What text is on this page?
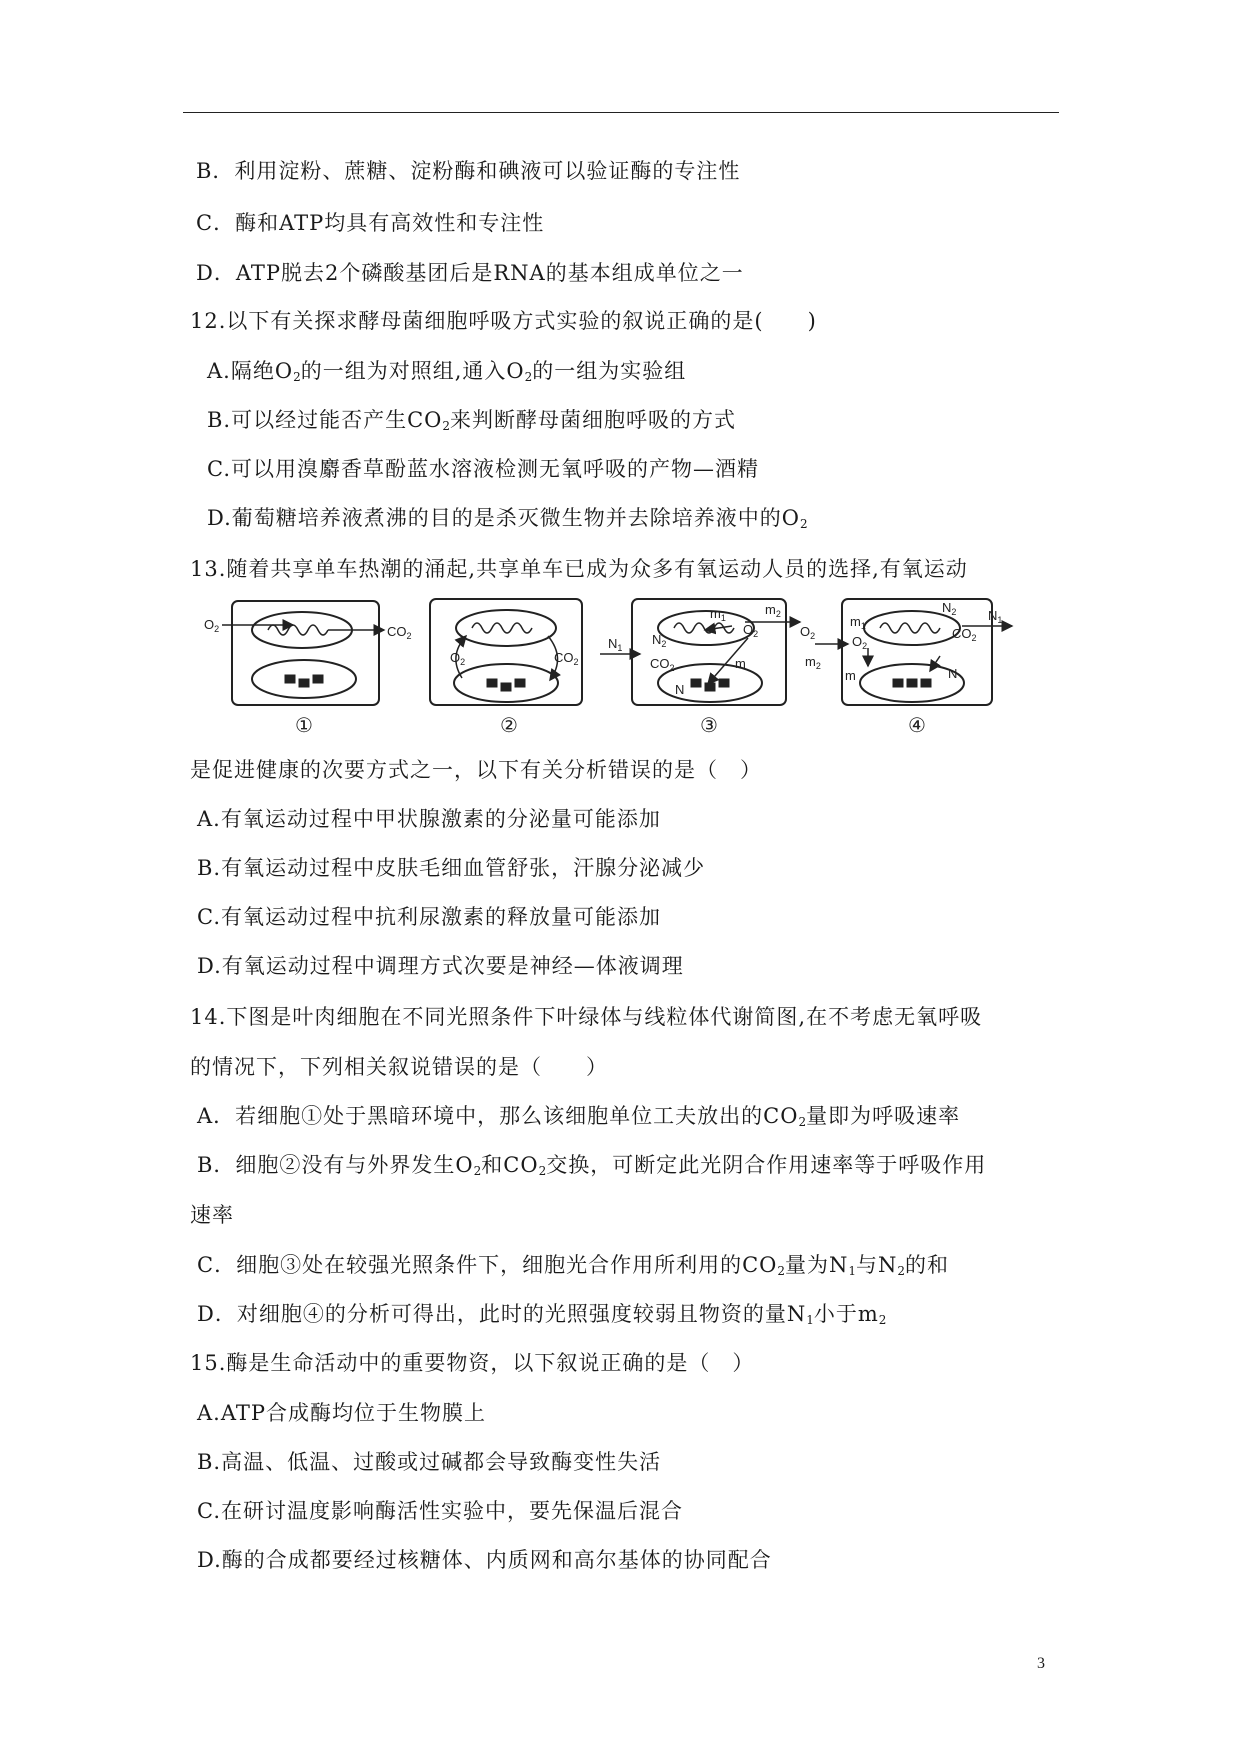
B．利用淀粉、蔗糖、淀粉酶和碘液可以验证酶的专注性
C．酶和ATP均具有高效性和专注性
D．ATP脱去2个磷酸基团后是RNA的基本组成单位之一
12.以下有关探求酵母菌细胞呼吸方式实验的叙说正确的是(　　)
A.隔绝$O_2$的一组为对照组,通入$O_2$的一组为实验组
B.可以经过能否产生$CO_2$来判断酵母菌细胞呼吸的方式
C.可以用溴麝香草酚蓝水溶液检测无氧呼吸的产物—酒精
D.葡萄糖培养液煮沸的目的是杀灭微生物并去除培养液中的$O_2$
13.随着共享单车热潮的涌起,共享单车已成为众多有氧运动人员的选择,有氧运动
$O_2$	$CO_2$
①
$O_2$	$CO_2$
②
$N_1$
$N_2$
$m_1$
$O_2$
$m_2$
$CO_2$	m
N
③
$m_1$
$O_2$
$N_2$
$CO_2$
$N_1$
$O_2$
$m_2$
m	N
④
是促进健康的次要方式之一，以下有关分析错误的是（　）
A.有氧运动过程中甲状腺激素的分泌量可能添加
B.有氧运动过程中皮肤毛细血管舒张，汗腺分泌减少
C.有氧运动过程中抗利尿激素的释放量可能添加
D.有氧运动过程中调理方式次要是神经—体液调理
14.下图是叶肉细胞在不同光照条件下叶绿体与线粒体代谢简图,在不考虑无氧呼吸
的情况下，下列相关叙说错误的是（　　）
A．若细胞①处于黑暗环境中，那么该细胞单位工夫放出的$CO_2$量即为呼吸速率
B．细胞②没有与外界发生$O_2$和$CO_2$交换，可断定此光阴合作用速率等于呼吸作用
速率
C．细胞③处在较强光照条件下，细胞光合作用所利用的$CO_2$量为$N_1$与$N_2$的和
D．对细胞④的分析可得出，此时的光照强度较弱且物资的量$N_1$小于$m_2$
15.酶是生命活动中的重要物资，以下叙说正确的是（　）
A.ATP合成酶均位于生物膜上
B.高温、低温、过酸或过碱都会导致酶变性失活
C.在研讨温度影响酶活性实验中，要先保温后混合
D.酶的合成都要经过核糖体、内质网和高尔基体的协同配合
3
